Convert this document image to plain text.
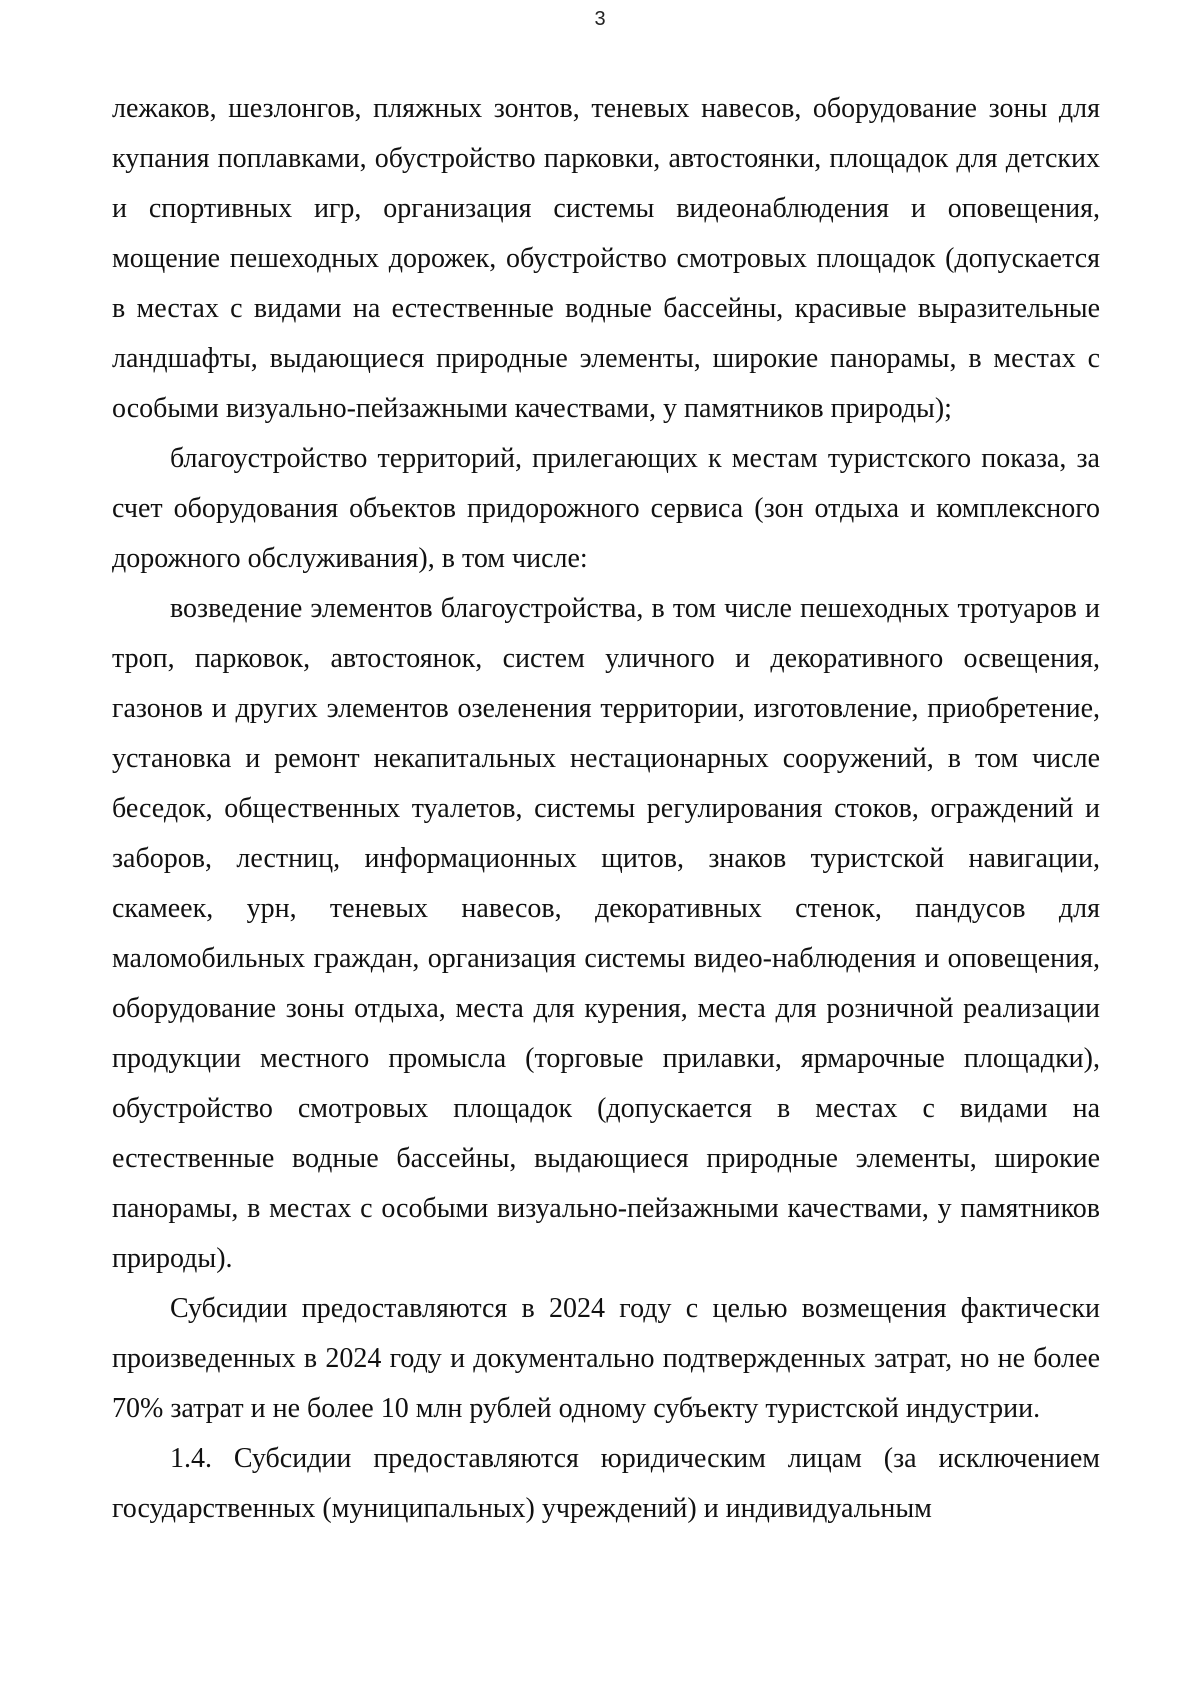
3

лежаков, шезлонгов, пляжных зонтов, теневых навесов, оборудование зоны для купания поплавками, обустройство парковки, автостоянки, площадок для детских и спортивных игр, организация системы видеонаблюдения и оповещения, мощение пешеходных дорожек, обустройство смотровых площадок (допускается в местах с видами на естественные водные бассейны, красивые выразительные ландшафты, выдающиеся природные элементы, широкие панорамы, в местах с особыми визуально-пейзажными качествами, у памятников природы);

благоустройство территорий, прилегающих к местам туристского показа, за счет оборудования объектов придорожного сервиса (зон отдыха и комплексного дорожного обслуживания), в том числе:

возведение элементов благоустройства, в том числе пешеходных тротуаров и троп, парковок, автостоянок, систем уличного и декоративного освещения, газонов и других элементов озеленения территории, изготовление, приобретение, установка и ремонт некапитальных нестационарных сооружений, в том числе беседок, общественных туалетов, системы регулирования стоков, ограждений и заборов, лестниц, информационных щитов, знаков туристской навигации, скамеек, урн, теневых навесов, декоративных стенок, пандусов для маломобильных граждан, организация системы видео-наблюдения и оповещения, оборудование зоны отдыха, места для курения, места для розничной реализации продукции местного промысла (торговые прилавки, ярмарочные площадки), обустройство смотровых площадок (допускается в местах с видами на естественные водные бассейны, выдающиеся природные элементы, широкие панорамы, в местах с особыми визуально-пейзажными качествами, у памятников природы).

Субсидии предоставляются в 2024 году с целью возмещения фактически произведенных в 2024 году и документально подтвержденных затрат, но не более 70% затрат и не более 10 млн рублей одному субъекту туристской индустрии.

1.4. Субсидии предоставляются юридическим лицам (за исключением государственных (муниципальных) учреждений) и индивидуальным
